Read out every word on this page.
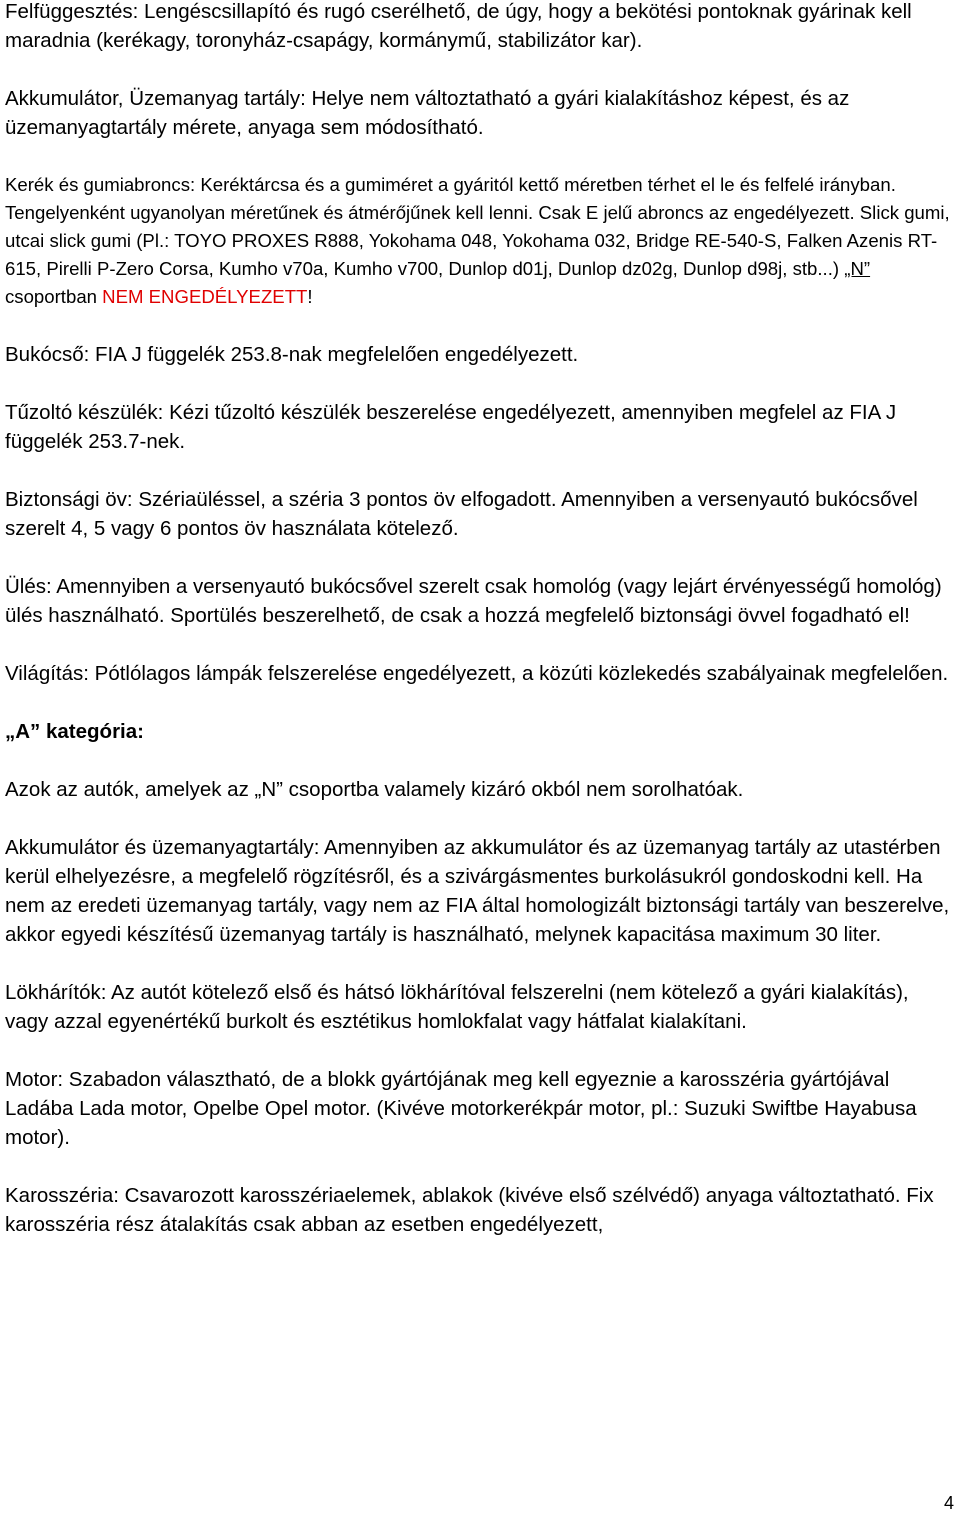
Felfüggesztés: Lengéscsillapító és rugó cserélhető, de úgy, hogy a bekötési pontoknak gyárinak kell maradnia (kerékagy, toronyház-csapágy, kormánymű, stabilizátor kar).

Akkumulátor, Üzemanyag tartály: Helye nem változtatható a gyári kialakításhoz képest, és az üzemanyagtartály mérete, anyaga sem módosítható.

Kerék és gumiabroncs: Keréktárcsa és a gumiméret a gyáritól kettő méretben térhet el le és felfelé irányban. Tengelyenként ugyanolyan méretűnek és átmérőjűnek kell lenni. Csak E jelű abroncs az engedélyezett. Slick gumi, utcai slick gumi (Pl.: TOYO PROXES R888, Yokohama 048, Yokohama 032, Bridge RE-540-S, Falken Azenis RT-615, Pirelli P-Zero Corsa, Kumho v70a, Kumho v700, Dunlop d01j, Dunlop dz02g, Dunlop d98j, stb...) „N” csoportban NEM ENGEDÉLYEZETT!

Bukócső: FIA J függelék 253.8-nak megfelelően engedélyezett.

Tűzoltó készülék: Kézi tűzoltó készülék beszerelése engedélyezett, amennyiben megfelel az FIA J függelék 253.7-nek.

Biztonsági öv: Szériaüléssel, a széria 3 pontos öv elfogadott. Amennyiben a versenyautó bukócsővel szerelt 4, 5 vagy 6 pontos öv használata kötelező.

Ülés: Amennyiben a versenyautó bukócsővel szerelt csak homológ (vagy lejárt érvényességű homológ) ülés használható. Sportülés beszerelhető, de csak a hozzá megfelelő biztonsági övvel fogadható el!

Világítás: Pótlólagos lámpák felszerelése engedélyezett, a közúti közlekedés szabályainak megfelelően.

„A” kategória:

Azok az autók, amelyek az „N” csoportba valamely kizáró okból nem sorolhatóak.

Akkumulátor és üzemanyagtartály: Amennyiben az akkumulátor és az üzemanyag tartály az utastérben kerül elhelyezésre, a megfelelő rögzítésről, és a szivárgásmentes burkolásukról gondoskodni kell. Ha nem az eredeti üzemanyag tartály, vagy nem az FIA által homologizált biztonsági tartály van beszerelve, akkor egyedi készítésű üzemanyag tartály is használható, melynek kapacitása maximum 30 liter.

Lökhárítók: Az autót kötelező első és hátsó lökhárítóval felszerelni (nem kötelező a gyári kialakítás), vagy azzal egyenértékű burkolt és esztétikus homlokfalat vagy hátfalat kialakítani.

Motor: Szabadon választható, de a blokk gyártójának meg kell egyeznie a karosszéria gyártójával Ladába Lada motor, Opelbe Opel motor. (Kivéve motorkerékpár motor, pl.: Suzuki Swiftbe Hayabusa motor).

Karosszéria: Csavarozott karosszériaelemek, ablakok (kivéve első szélvédő) anyaga változtatható. Fix karosszéria rész átalakítás csak abban az esetben engedélyezett,

4
